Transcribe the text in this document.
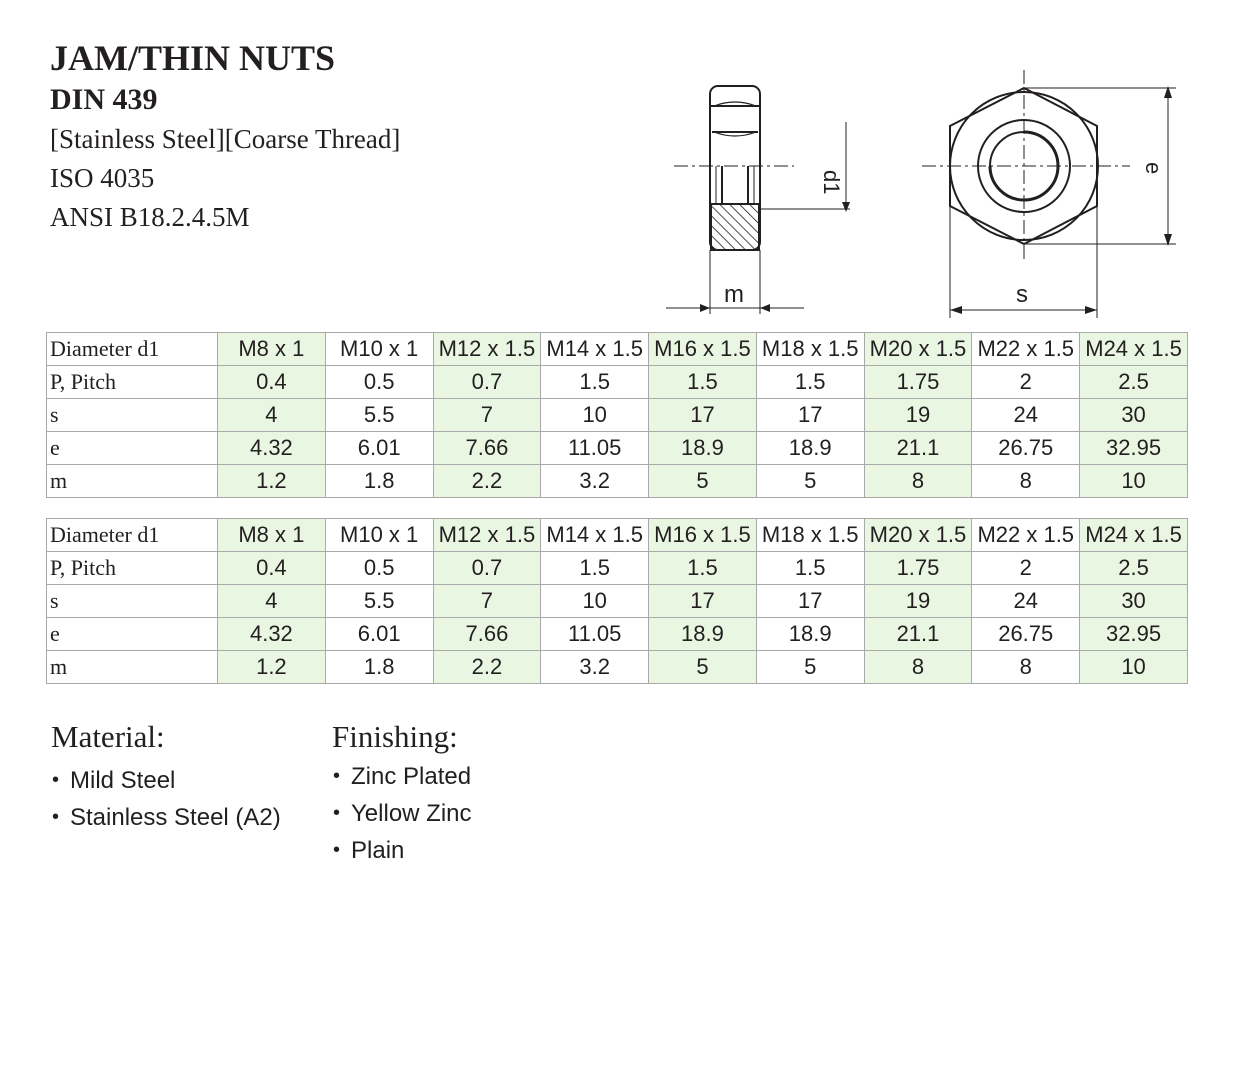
JAM/THIN NUTS

DIN 439

[Stainless Steel][Coarse Thread]

ISO 4035

ANSI B18.2.4.5M

d1
m	s
e
Diameter d1	M8 x 1	M10 x 1	M12 x 1.5	M14 x 1.5	M16 x 1.5	M18 x 1.5	M20 x 1.5	M22 x 1.5	M24 x 1.5
P, Pitch	0.4	0.5	0.7	1.5	1.5	1.5	1.75	2	2.5
s	4	5.5	7	10	17	17	19	24	30
e	4.32	6.01	7.66	11.05	18.9	18.9	21.1	26.75	32.95
m	1.2	1.8	2.2	3.2	5	5	8	8	10
Diameter d1	M8 x 1	M10 x 1	M12 x 1.5	M14 x 1.5	M16 x 1.5	M18 x 1.5	M20 x 1.5	M22 x 1.5	M24 x 1.5
P, Pitch	0.4	0.5	0.7	1.5	1.5	1.5	1.75	2	2.5
s	4	5.5	7	10	17	17	19	24	30
e	4.32	6.01	7.66	11.05	18.9	18.9	21.1	26.75	32.95
m	1.2	1.8	2.2	3.2	5	5	8	8	10

Material:

• Mild Steel
• Stainless Steel (A2)

Finishing:

• Zinc Plated
• Yellow Zinc
• Plain
